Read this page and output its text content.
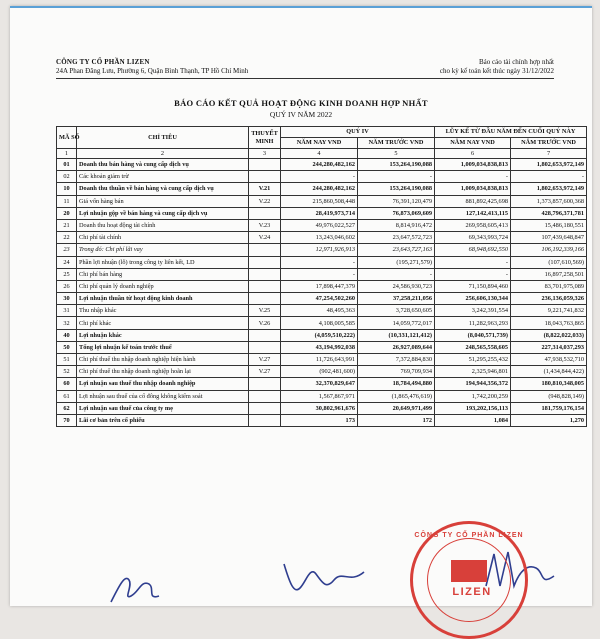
CÔNG TY CỔ PHẦN LIZEN
24A Phan Đăng Lưu, Phường 6, Quận Bình Thạnh, TP Hồ Chí Minh
Báo cáo tài chính hợp nhất
cho kỳ kế toán kết thúc ngày 31/12/2022
BÁO CÁO KẾT QUẢ HOẠT ĐỘNG KINH DOANH HỢP NHẤT
QUÝ IV NĂM 2022
MÃ SỐ	CHỈ TIÊU	THUYẾT MINH	QUÝ IV		LŨY KẾ TỪ ĐẦU NĂM ĐẾN CUỐI QUÝ NÀY	
			NĂM NAY VND	NĂM TRƯỚC VND	NĂM NAY VND	NĂM TRƯỚC VND
1	2	3	4	5	6	7
01	Doanh thu bán hàng và cung cấp dịch vụ		244,280,482,162	153,264,190,088	1,009,034,838,813	1,802,653,972,149
02	Các khoản giảm trừ		-	-	-	-
10	Doanh thu thuần về bán hàng và cung cấp dịch vụ	V.21	244,280,482,162	153,264,190,088	1,009,034,838,813	1,802,653,972,149
11	Giá vốn hàng bán	V.22	215,860,508,448	76,391,120,479	881,892,425,698	1,373,857,600,368
20	Lợi nhuận gộp về bán hàng và cung cấp dịch vụ		28,419,973,714	76,873,069,609	127,142,413,115	428,796,371,781
21	Doanh thu hoạt động tài chính	V.23	49,976,022,527	8,814,916,472	269,958,605,413	15,486,180,551
22	Chi phí tài chính	V.24	13,243,046,602	23,647,572,723	69,343,993,724	107,439,648,847
23	Trong đó: Chi phí lãi vay		12,971,926,913	23,643,727,163	68,948,692,550	106,192,339,166
24	Phần lợi nhuận (lỗ) trong công ty liên kết, LD		-	(195,271,579)	-	(107,610,569)
25	Chi phí bán hàng		-	-	-	16,897,258,501
26	Chi phí quản lý doanh nghiệp		17,898,447,379	24,586,930,723	71,150,894,460	83,701,975,089
30	Lợi nhuận thuần từ hoạt động kinh doanh		47,254,502,260	37,258,211,056	256,606,130,344	236,136,059,326
31	Thu nhập khác	V.25	48,495,363	3,728,650,605	3,242,391,554	9,221,741,832
32	Chi phí khác	V.26	4,108,005,585	14,059,772,017	11,282,963,293	18,043,763,865
40	Lợi nhuận khác		(4,059,510,222)	(10,331,121,412)	(8,040,571,739)	(8,822,022,033)
50	Tổng lợi nhuận kế toán trước thuế		43,194,992,038	26,927,089,644	248,565,558,605	227,314,037,293
51	Chi phí thuế thu nhập doanh nghiệp hiện hành	V.27	11,726,643,991	7,372,884,830	51,295,255,432	47,938,532,710
52	Chi phí thuế thu nhập doanh nghiệp hoãn lại	V.27	(902,481,600)	769,709,934	2,325,946,801	(1,434,844,422)
60	Lợi nhuận sau thuế thu nhập doanh nghiệp		32,370,829,647	18,784,494,880	194,944,356,372	180,810,348,005
61	Lợi nhuận sau thuế của cổ đông không kiểm soát		1,567,867,971	(1,865,476,619)	1,742,200,259	(948,828,149)
62	Lợi nhuận sau thuế của công ty mẹ		30,802,961,676	20,649,971,499	193,202,156,113	181,759,176,154
70	Lãi cơ bản trên cổ phiếu		173	172	1,084	1,270
CÔNG TY CỔ PHẦN LIZEN
LIZEN
